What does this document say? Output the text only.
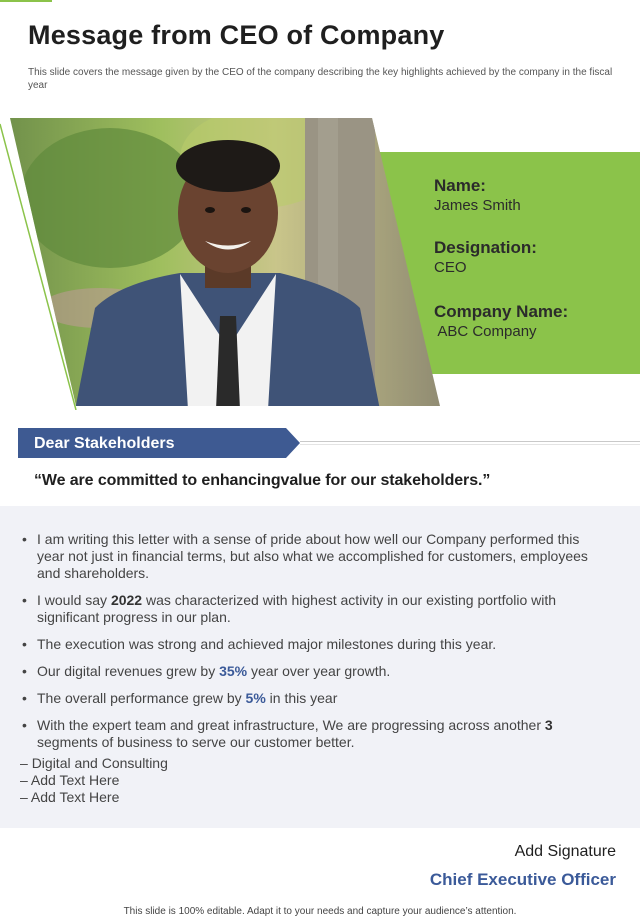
Message from CEO of Company

This slide covers the message given by the CEO of the company describing the key highlights achieved by the company in the fiscal year

Name:
James Smith
Designation:
CEO
Company Name:
ABC Company
Dear Stakeholders
“We are committed to enhancingvalue for our stakeholders.”
• I am writing this letter with a sense of pride about how well our Company performed this year not just in financial terms, but also what we accomplished for customers, employees and shareholders.
• I would say 2022 was characterized with highest activity in our existing portfolio with significant progress in our plan.
• The execution was strong and achieved major milestones during this year.
• Our digital revenues grew by 35% year over year growth.
• The overall performance grew by 5% in this year
• With the expert team and great infrastructure, We are progressing across another 3 segments of business to serve our customer better.
– Digital and Consulting
– Add Text Here
– Add Text Here
Add Signature
Chief Executive Officer
This slide is 100% editable. Adapt it to your needs and capture your audience’s attention.
